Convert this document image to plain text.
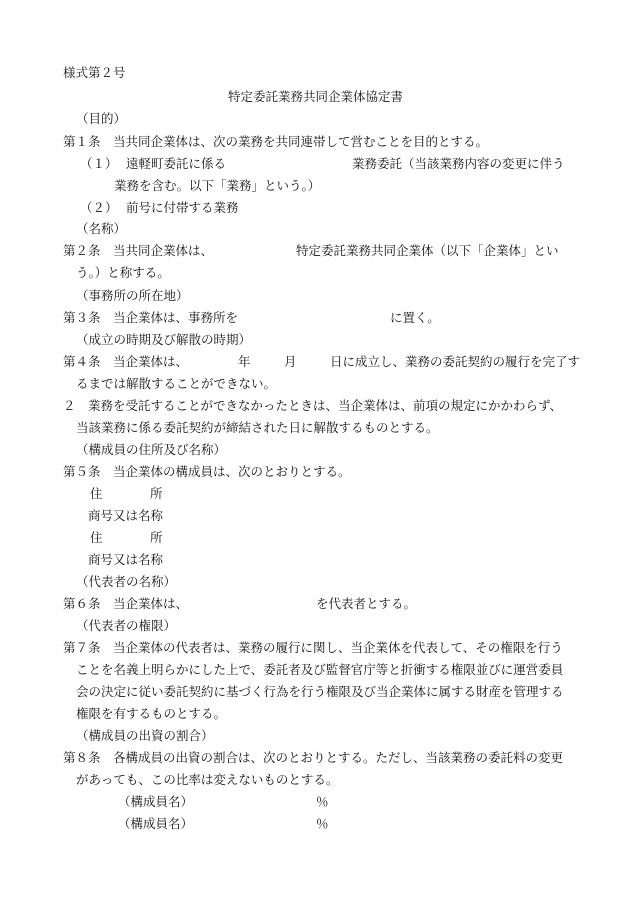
様式第２号
特定委託業務共同企業体協定書
（目的）
第１条　当共同企業体は、次の業務を共同連帯して営むことを目的とする。
（１） 遠軽町委託に係る	業務委託（当該業務内容の変更に伴う
業務を含む。以下「業務」という。）
（２） 前号に付帯する業務
（名称）
第２条　当共同企業体は、	特定委託業務共同企業体（以下「企業体」とい
う。）と称する。
（事務所の所在地）
第３条　当企業体は、事務所を	に置く。
（成立の時期及び解散の時期）
第４条　当企業体は、	年	月	日に成立し、業務の委託契約の履行を完了す
るまでは解散することができない。
２　業務を受託することができなかったときは、当企業体は、前項の規定にかかわらず、
当該業務に係る委託契約が締結された日に解散するものとする。
（構成員の住所及び名称）
第５条　当企業体の構成員は、次のとおりとする。
住	所
商号又は名称
住	所
商号又は名称
（代表者の名称）
第６条　当企業体は、	を代表者とする。
（代表者の権限）
第７条　当企業体の代表者は、業務の履行に関し、当企業体を代表して、その権限を行う
ことを名義上明らかにした上で、委託者及び監督官庁等と折衝する権限並びに運営委員
会の決定に従い委託契約に基づく行為を行う権限及び当企業体に属する財産を管理する
権限を有するものとする。
（構成員の出資の割合）
第８条　各構成員の出資の割合は、次のとおりとする。ただし、当該業務の委託料の変更
があっても、この比率は変えないものとする。
（構成員名）	％
（構成員名）	％
